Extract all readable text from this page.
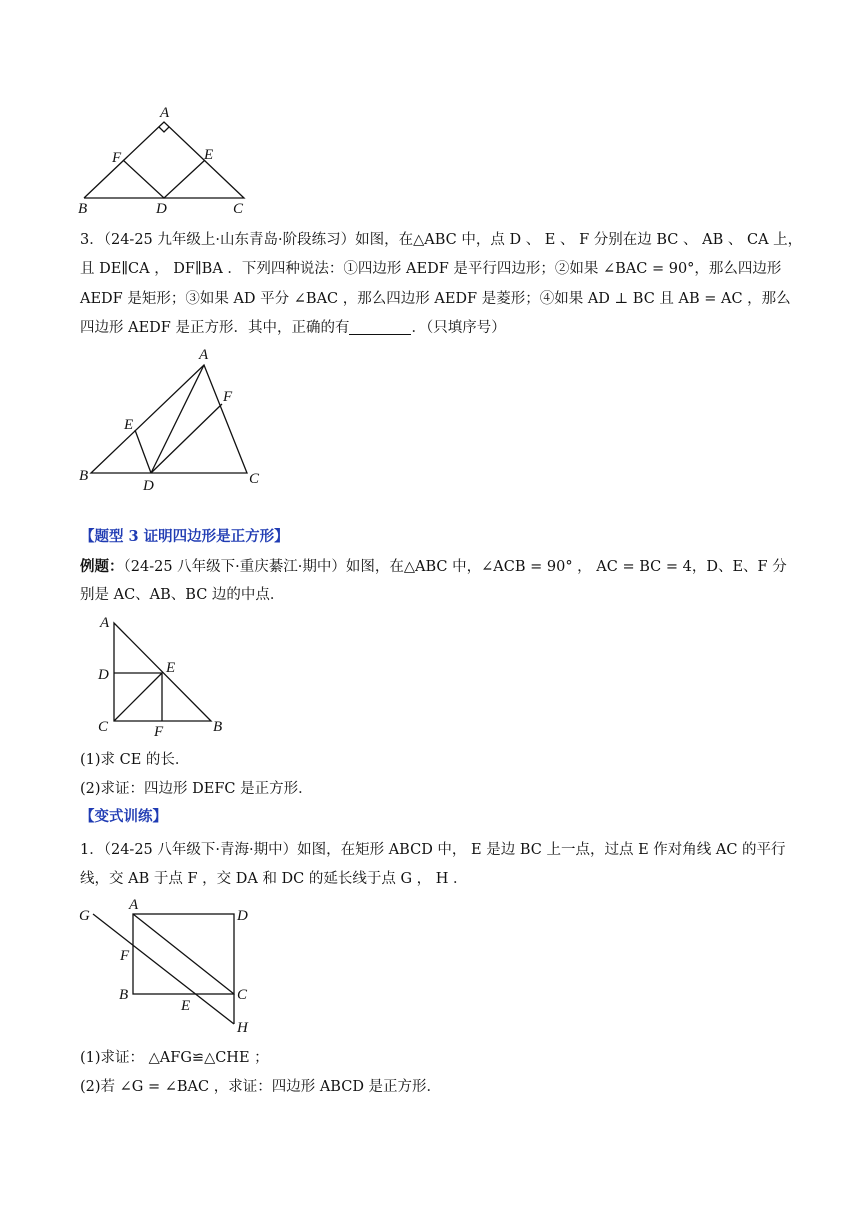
A
F	E
B	D	C
3．（24-25 九年级上·山东青岛·阶段练习）如图，在△ABC 中，点 D 、 E 、 F 分别在边 BC 、 AB 、 CA 上，
且 DE∥CA ， DF∥BA ．下列四种说法：①四边形 AEDF 是平行四边形；②如果 ∠BAC = 90°，那么四边形
AEDF 是矩形；③如果 AD 平分 ∠BAC ，那么四边形 AEDF 是菱形；④如果 AD ⊥ BC 且 AB = AC ，那么
四边形 AEDF 是正方形．其中，正确的有	．（只填序号）
A
F
E
B
D	C
【题型 3 证明四边形是正方形】
例题：（24-25 八年级下·重庆綦江·期中）如图，在△ABC 中，∠ACB = 90° ， AC = BC = 4，D、E、F 分
别是 AC、AB、BC 边的中点．
A
D	E
C	F	B
(1)求 CE 的长．
(2)求证：四边形 DEFC 是正方形．
【变式训练】
1．（24-25 八年级下·青海·期中）如图，在矩形 ABCD 中， E 是边 BC 上一点，过点 E 作对角线 AC 的平行
线，交 AB 于点 F ，交 DA 和 DC 的延长线于点 G ， H ．
G
A
D
F
B
E
C
H
(1)求证： △AFG≌△CHE ；
(2)若 ∠G = ∠BAC ，求证：四边形 ABCD 是正方形．
